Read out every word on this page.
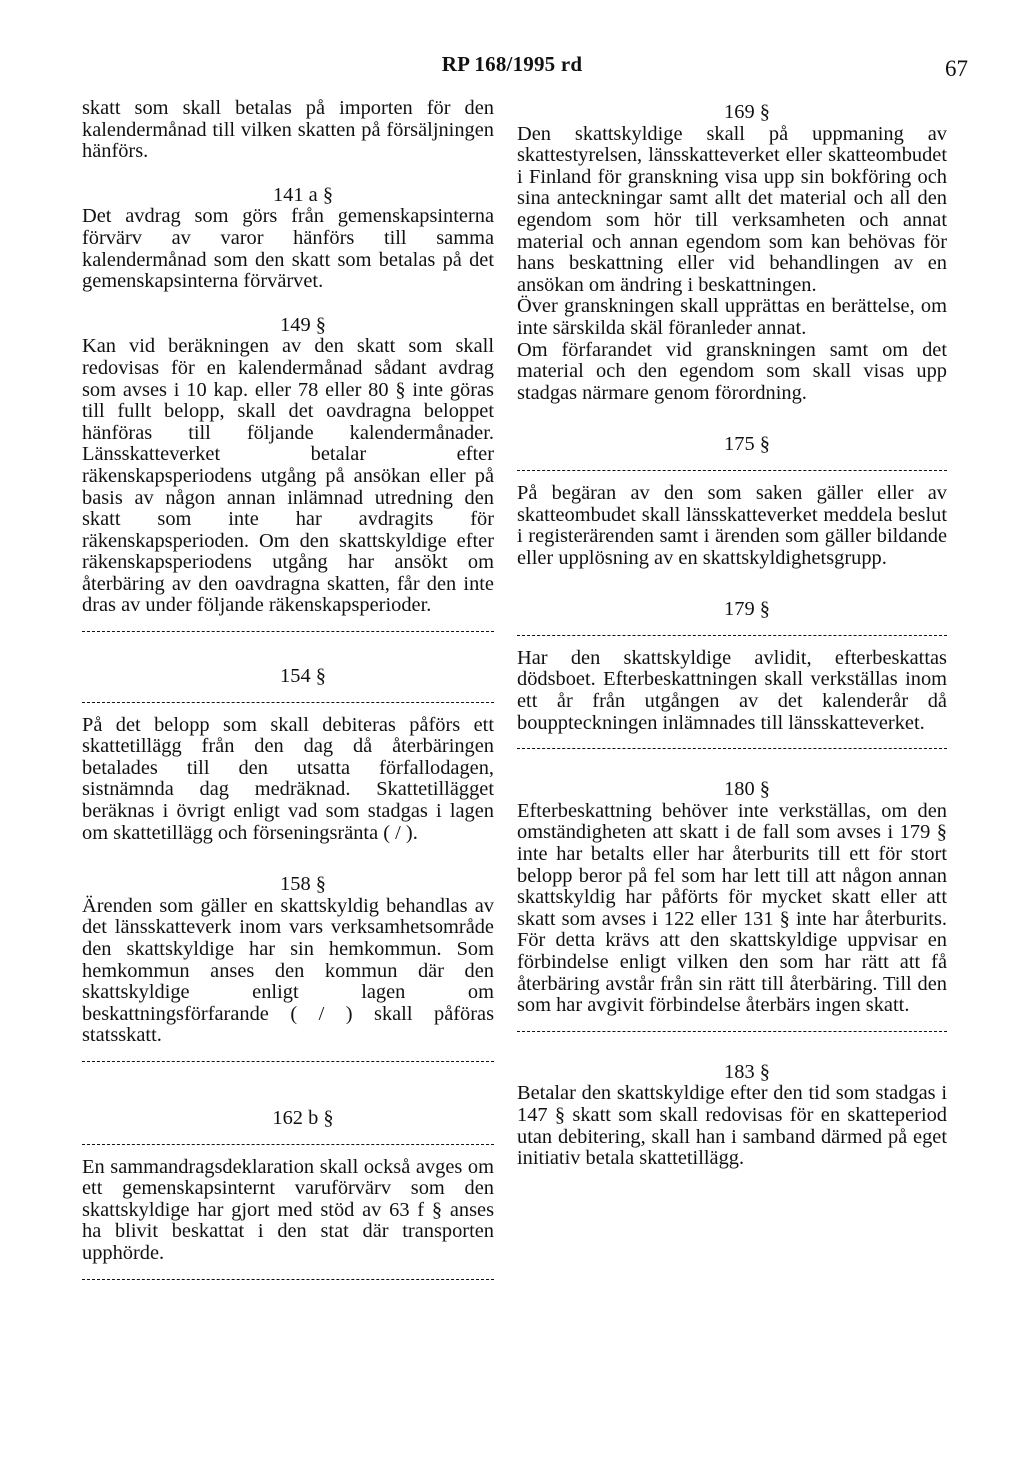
RP 168/1995 rd	67

skatt som skall betalas på importen för den kalendermånad till vilken skatten på försäljningen hänförs.

141 a §

Det avdrag som görs från gemenskapsinterna förvärv av varor hänförs till samma kalendermånad som den skatt som betalas på det gemenskapsinterna förvärvet.

149 §

Kan vid beräkningen av den skatt som skall redovisas för en kalendermånad sådant avdrag som avses i 10 kap. eller 78 eller 80 § inte göras till fullt belopp, skall det oavdragna beloppet hänföras till följande kalendermånader. Länsskatteverket betalar efter räkenskapsperiodens utgång på ansökan eller på basis av någon annan inlämnad utredning den skatt som inte har avdragits för räkenskapsperioden. Om den skattskyldige efter räkenskapsperiodens utgång har ansökt om återbäring av den oavdragna skatten, får den inte dras av under följande räkenskapsperioder.

154 §

På det belopp som skall debiteras påförs ett skattetillägg från den dag då återbäringen betalades till den utsatta förfallodagen, sistnämnda dag medräknad. Skattetillägget beräknas i övrigt enligt vad som stadgas i lagen om skattetillägg och förseningsränta ( / ).

158 §

Ärenden som gäller en skattskyldig behandlas av det länsskatteverk inom vars verksamhetsområde den skattskyldige har sin hemkommun. Som hemkommun anses den kommun där den skattskyldige enligt lagen om beskattningsförfarande ( / ) skall påföras statsskatt.

162 b §

En sammandragsdeklaration skall också avges om ett gemenskapsinternt varuförvärv som den skattskyldige har gjort med stöd av 63 f § anses ha blivit beskattat i den stat där transporten upphörde.

169 §

Den skattskyldige skall på uppmaning av skattestyrelsen, länsskatteverket eller skatteombudet i Finland för granskning visa upp sin bokföring och sina anteckningar samt allt det material och all den egendom som hör till verksamheten och annat material och annan egendom som kan behövas för hans beskattning eller vid behandlingen av en ansökan om ändring i beskattningen.

Över granskningen skall upprättas en berättelse, om inte särskilda skäl föranleder annat.

Om förfarandet vid granskningen samt om det material och den egendom som skall visas upp stadgas närmare genom förordning.

175 §

På begäran av den som saken gäller eller av skatteombudet skall länsskatteverket meddela beslut i registerärenden samt i ärenden som gäller bildande eller upplösning av en skattskyldighetsgrupp.

179 §

Har den skattskyldige avlidit, efterbeskattas dödsboet. Efterbeskattningen skall verkställas inom ett år från utgången av det kalenderår då bouppteckningen inlämnades till länsskatteverket.

180 §

Efterbeskattning behöver inte verkställas, om den omständigheten att skatt i de fall som avses i 179 § inte har betalts eller har återburits till ett för stort belopp beror på fel som har lett till att någon annan skattskyldig har påförts för mycket skatt eller att skatt som avses i 122 eller 131 § inte har återburits. För detta krävs att den skattskyldige uppvisar en förbindelse enligt vilken den som har rätt att få återbäring avstår från sin rätt till återbäring. Till den som har avgivit förbindelse återbärs ingen skatt.

183 §

Betalar den skattskyldige efter den tid som stadgas i 147 § skatt som skall redovisas för en skatteperiod utan debitering, skall han i samband därmed på eget initiativ betala skattetillägg.
